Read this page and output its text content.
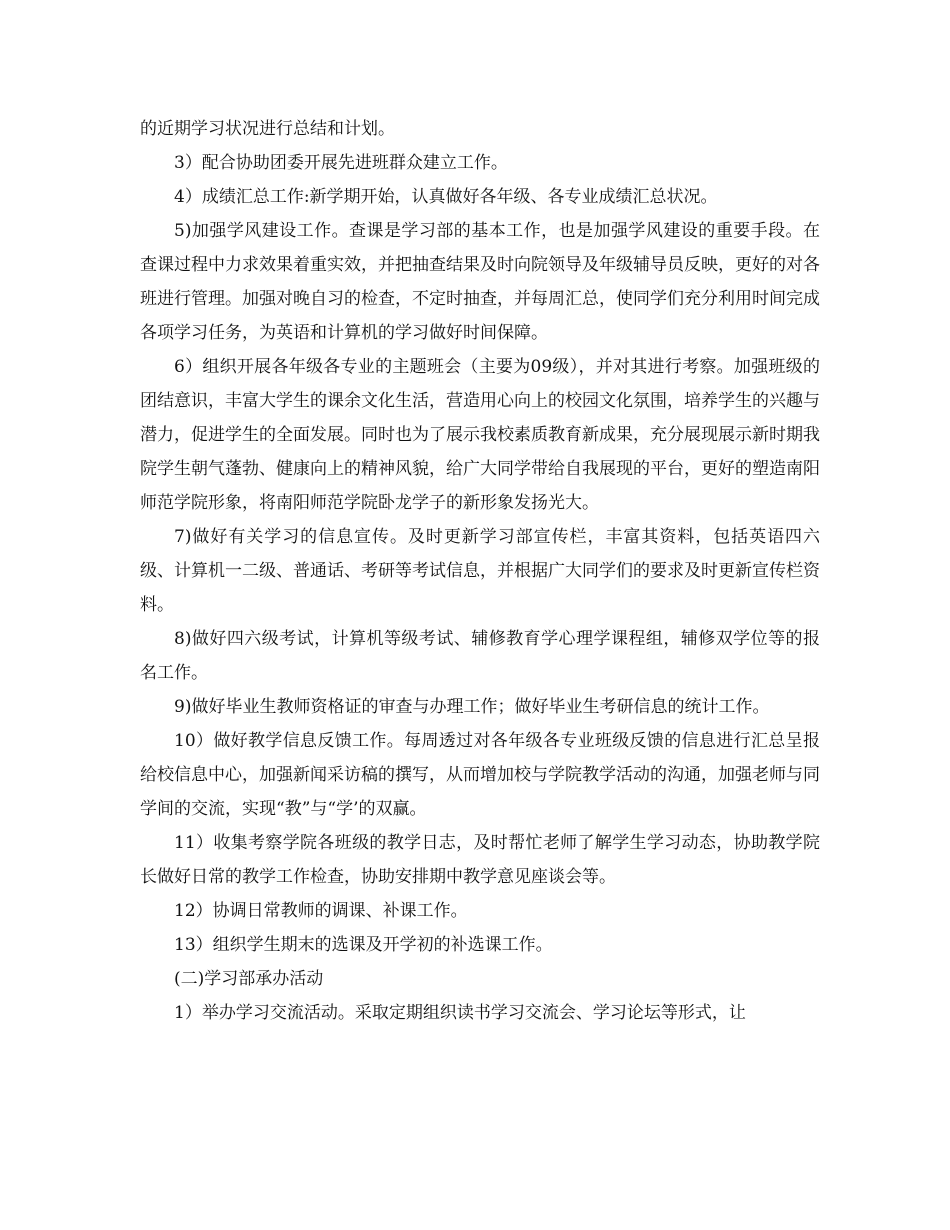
的近期学习状况进行总结和计划。

3）配合协助团委开展先进班群众建立工作。

4）成绩汇总工作:新学期开始，认真做好各年级、各专业成绩汇总状况。

5)加强学风建设工作。查课是学习部的基本工作，也是加强学风建设的重要手段。在查课过程中力求效果着重实效，并把抽查结果及时向院领导及年级辅导员反映，更好的对各班进行管理。加强对晚自习的检查，不定时抽查，并每周汇总，使同学们充分利用时间完成各项学习任务，为英语和计算机的学习做好时间保障。

6）组织开展各年级各专业的主题班会（主要为09级），并对其进行考察。加强班级的团结意识，丰富大学生的课余文化生活，营造用心向上的校园文化氛围，培养学生的兴趣与潜力，促进学生的全面发展。同时也为了展示我校素质教育新成果，充分展现展示新时期我院学生朝气蓬勃、健康向上的精神风貌，给广大同学带给自我展现的平台，更好的塑造南阳师范学院形象，将南阳师范学院卧龙学子的新形象发扬光大。

7)做好有关学习的信息宣传。及时更新学习部宣传栏，丰富其资料，包括英语四六级、计算机一二级、普通话、考研等考试信息，并根据广大同学们的要求及时更新宣传栏资料。

8)做好四六级考试，计算机等级考试、辅修教育学心理学课程组，辅修双学位等的报名工作。

9)做好毕业生教师资格证的审查与办理工作；做好毕业生考研信息的统计工作。

10）做好教学信息反馈工作。每周透过对各年级各专业班级反馈的信息进行汇总呈报给校信息中心，加强新闻采访稿的撰写，从而增加校与学院教学活动的沟通，加强老师与同学间的交流，实现“教”与“学’的双赢。

11）收集考察学院各班级的教学日志，及时帮忙老师了解学生学习动态，协助教学院长做好日常的教学工作检查，协助安排期中教学意见座谈会等。

12）协调日常教师的调课、补课工作。

13）组织学生期末的选课及开学初的补选课工作。

(二)学习部承办活动

1）举办学习交流活动。采取定期组织读书学习交流会、学习论坛等形式，让
